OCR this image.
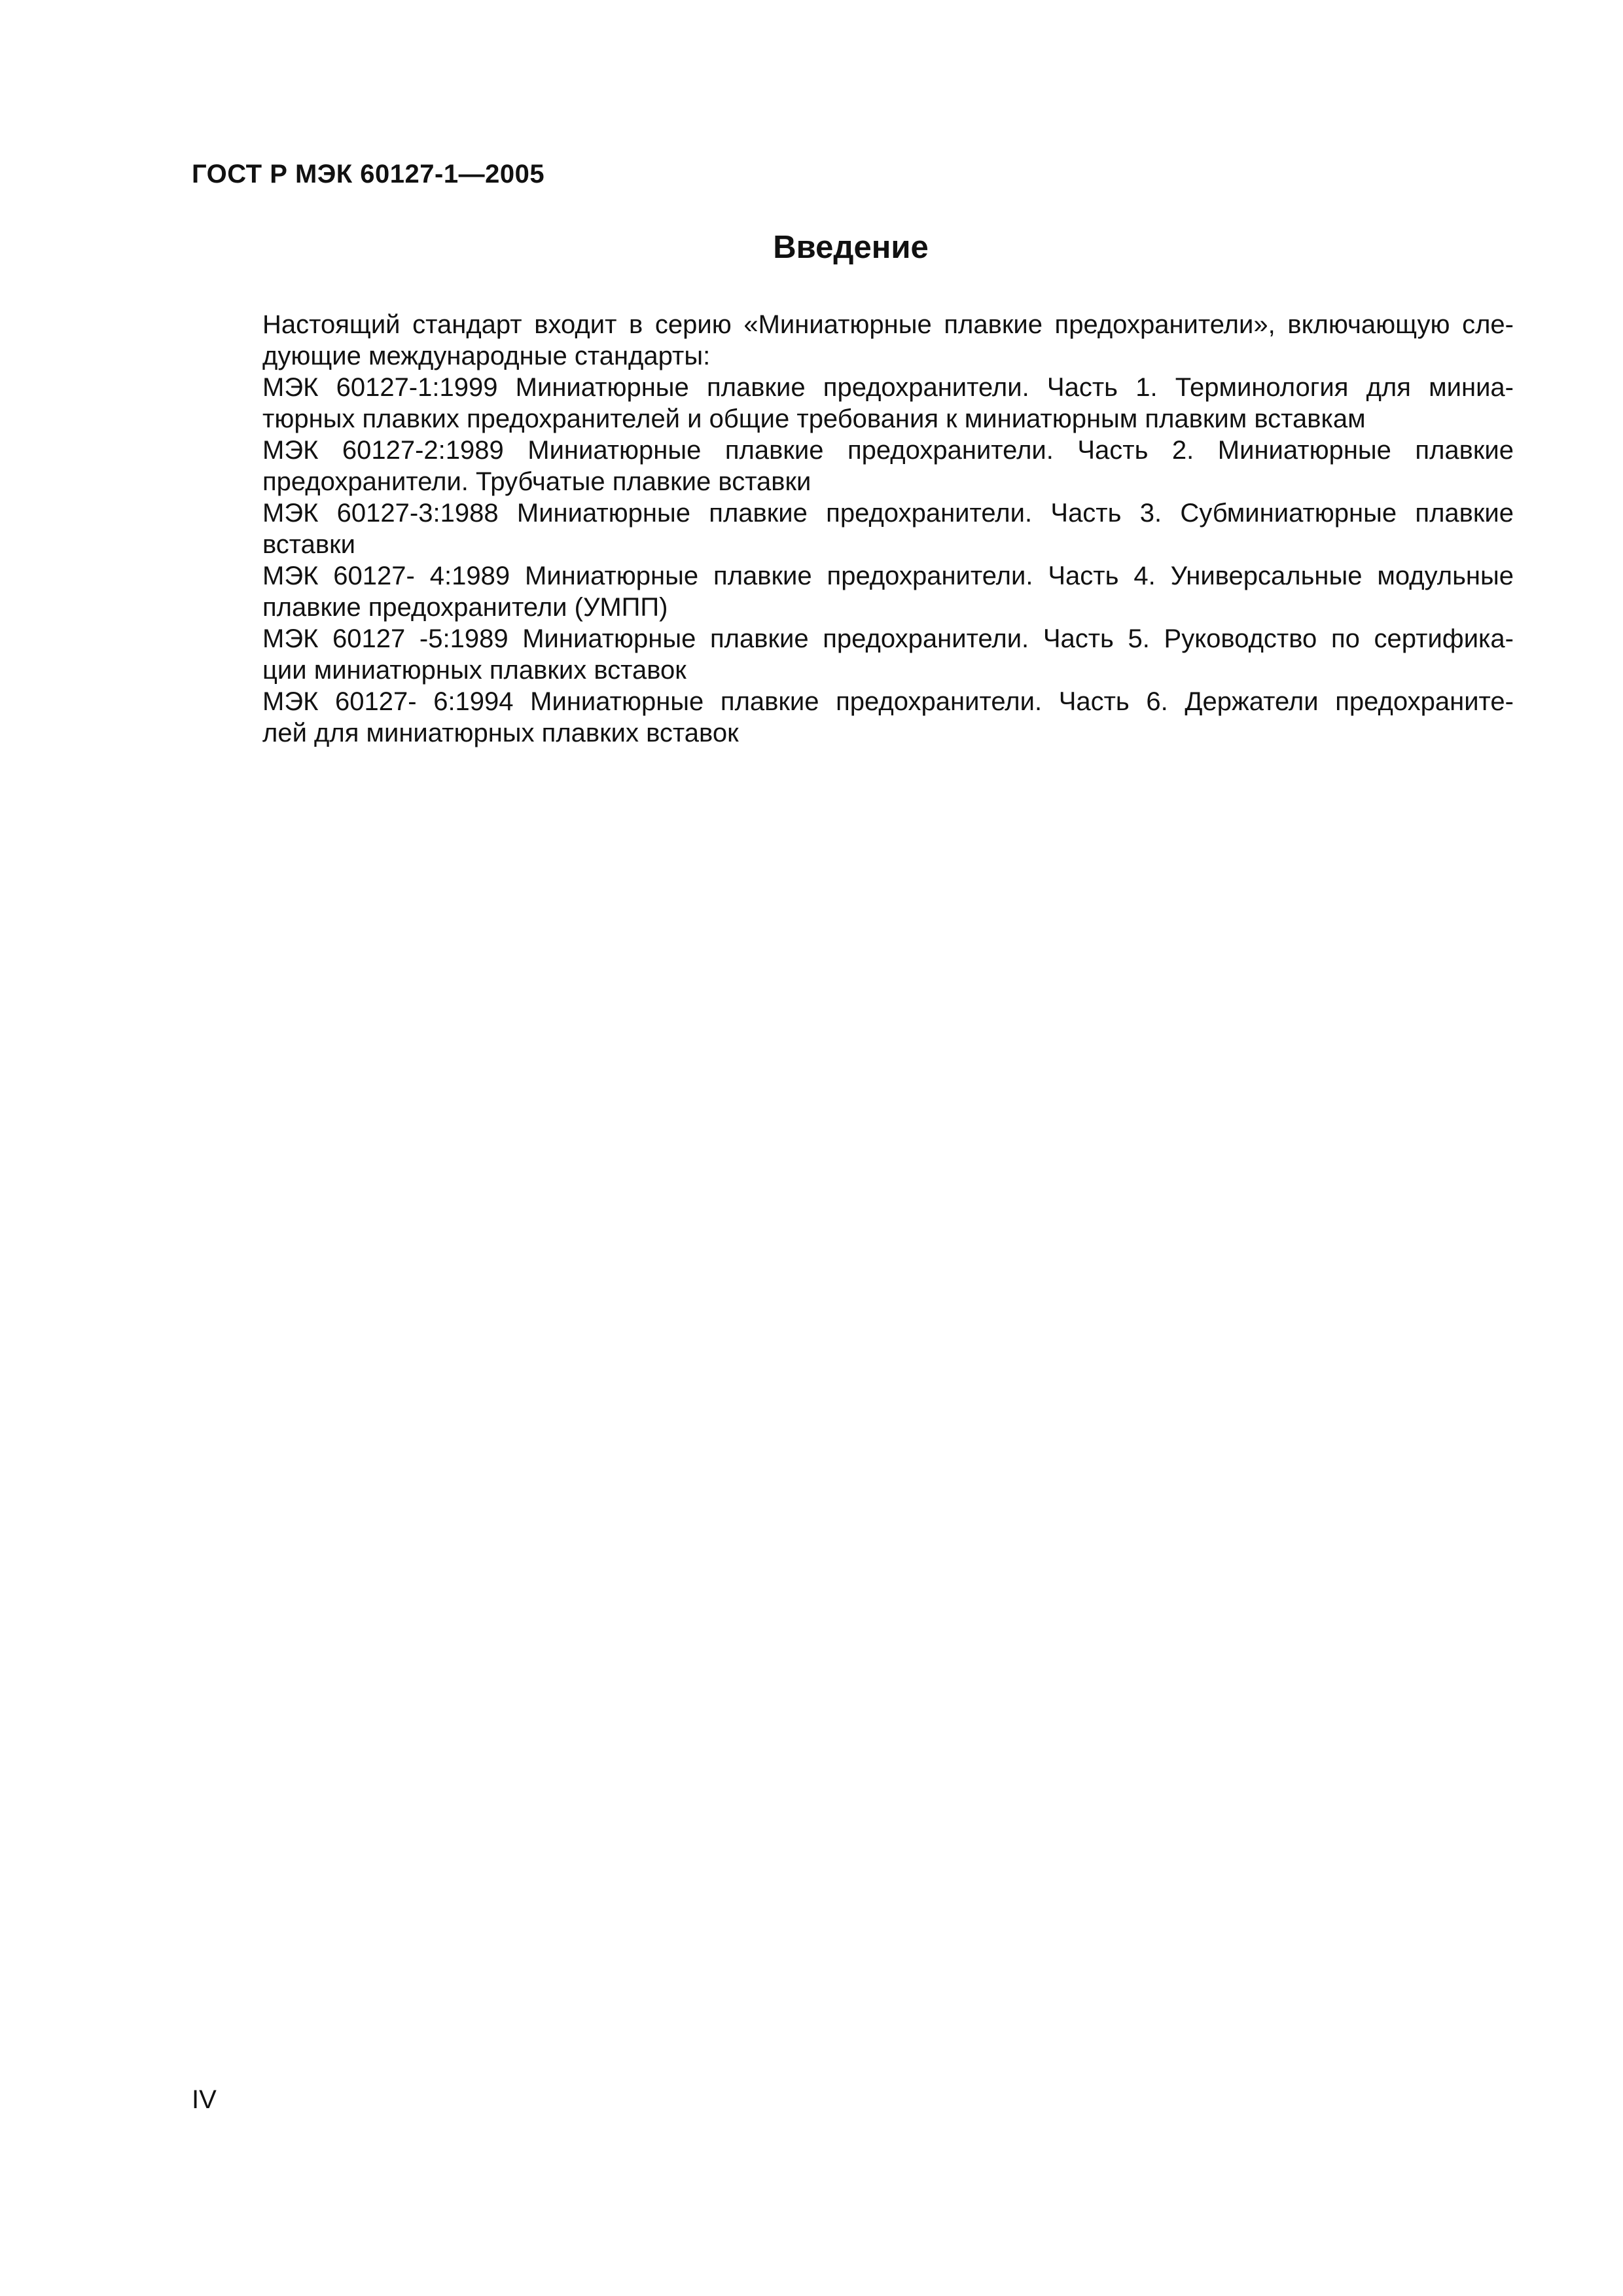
ГОСТ Р МЭК 60127-1—2005
Введение

Настоящий стандарт входит в серию «Миниатюрные плавкие предохранители», включающую сле-
дующие международные стандарты:

МЭК 60127-1:1999 Миниатюрные плавкие предохранители. Часть 1. Терминология для миниа-
тюрных плавких предохранителей и общие требования к миниатюрным плавким вставкам

МЭК 60127-2:1989 Миниатюрные плавкие предохранители. Часть 2. Миниатюрные плавкие
предохранители. Трубчатые плавкие вставки

МЭК 60127-3:1988 Миниатюрные плавкие предохранители. Часть 3. Субминиатюрные плавкие
вставки

МЭК 60127- 4:1989 Миниатюрные плавкие предохранители. Часть 4. Универсальные модульные
плавкие предохранители (УМПП)

МЭК 60127 -5:1989 Миниатюрные плавкие предохранители. Часть 5. Руководство по сертифика-
ции миниатюрных плавких вставок

МЭК 60127- 6:1994 Миниатюрные плавкие предохранители. Часть 6. Держатели предохраните-
лей для миниатюрных плавких вставок

IV
